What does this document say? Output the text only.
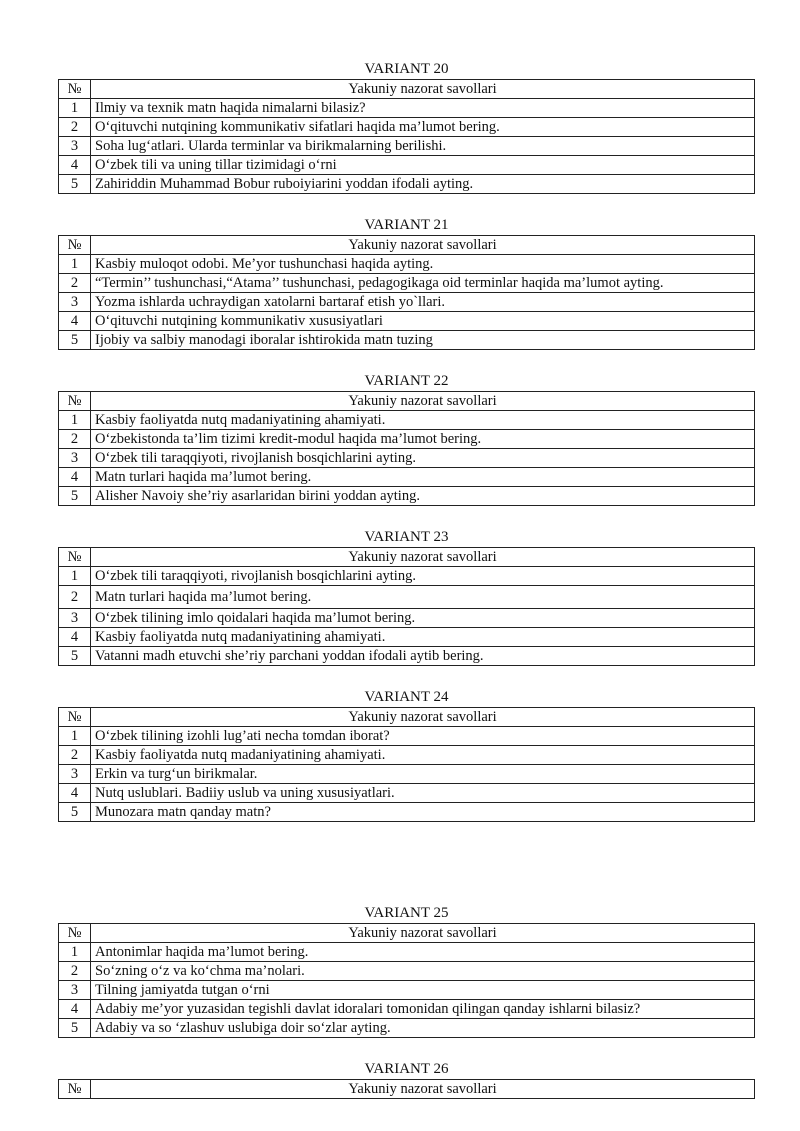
VARIANT 20
№	Yakuniy nazorat savollari
1	Ilmiy va texnik matn haqida nimalarni bilasiz?
2	O‘qituvchi nutqining kommunikativ sifatlari haqida ma’lumot bering.
3	Soha lug‘atlari. Ularda terminlar va birikmalarning berilishi.
4	O‘zbek tili va uning tillar tizimidagi o‘rni
5	Zahiriddin Muhammad Bobur ruboiyiarini yoddan ifodali ayting.
VARIANT 21
№	Yakuniy nazorat savollari
1	Kasbiy muloqot odobi. Me’yor tushunchasi haqida ayting.
2	“Termin’’ tushunchasi,“Atama’’ tushunchasi, pedagogikaga oid terminlar haqida ma’lumot ayting.
3	Yozma ishlarda uchraydigan xatolarni bartaraf etish yo`llari.
4	O‘qituvchi nutqining kommunikativ xususiyatlari
5	Ijobiy va salbiy manodagi iboralar ishtirokida matn tuzing
VARIANT 22
№	Yakuniy nazorat savollari
1	Kasbiy faoliyatda nutq madaniyatining ahamiyati.
2	O‘zbekistonda ta’lim tizimi kredit-modul haqida ma’lumot bering.
3	O‘zbek tili taraqqiyoti, rivojlanish bosqichlarini ayting.
4	Matn turlari haqida ma’lumot bering.
5	Alisher Navoiy she’riy asarlaridan birini yoddan ayting.
VARIANT 23
№	Yakuniy nazorat savollari
1	O‘zbek tili taraqqiyoti, rivojlanish bosqichlarini ayting.
2	Matn turlari haqida ma’lumot bering.
3	O‘zbek tilining imlo qoidalari haqida ma’lumot bering.
4	Kasbiy faoliyatda nutq madaniyatining ahamiyati.
5	Vatanni madh etuvchi she’riy parchani yoddan ifodali aytib bering.
VARIANT 24
№	Yakuniy nazorat savollari
1	O‘zbek tilining izohli lug’ati necha tomdan iborat?
2	Kasbiy faoliyatda nutq madaniyatining ahamiyati.
3	Erkin va turg‘un birikmalar.
4	Nutq uslublari. Badiiy uslub va uning xususiyatlari.
5	Munozara matn qanday matn?
VARIANT 25
№	Yakuniy nazorat savollari
1	Antonimlar haqida ma’lumot bering.
2	So‘zning o‘z va ko‘chma ma’nolari.
3	Tilning jamiyatda tutgan o‘rni
4	Adabiy me’yor yuzasidan tegishli davlat idoralari tomonidan qilingan qanday ishlarni bilasiz?
5	Adabiy va so ‘zlashuv uslubiga doir so‘zlar ayting.
VARIANT 26
№	Yakuniy nazorat savollari
